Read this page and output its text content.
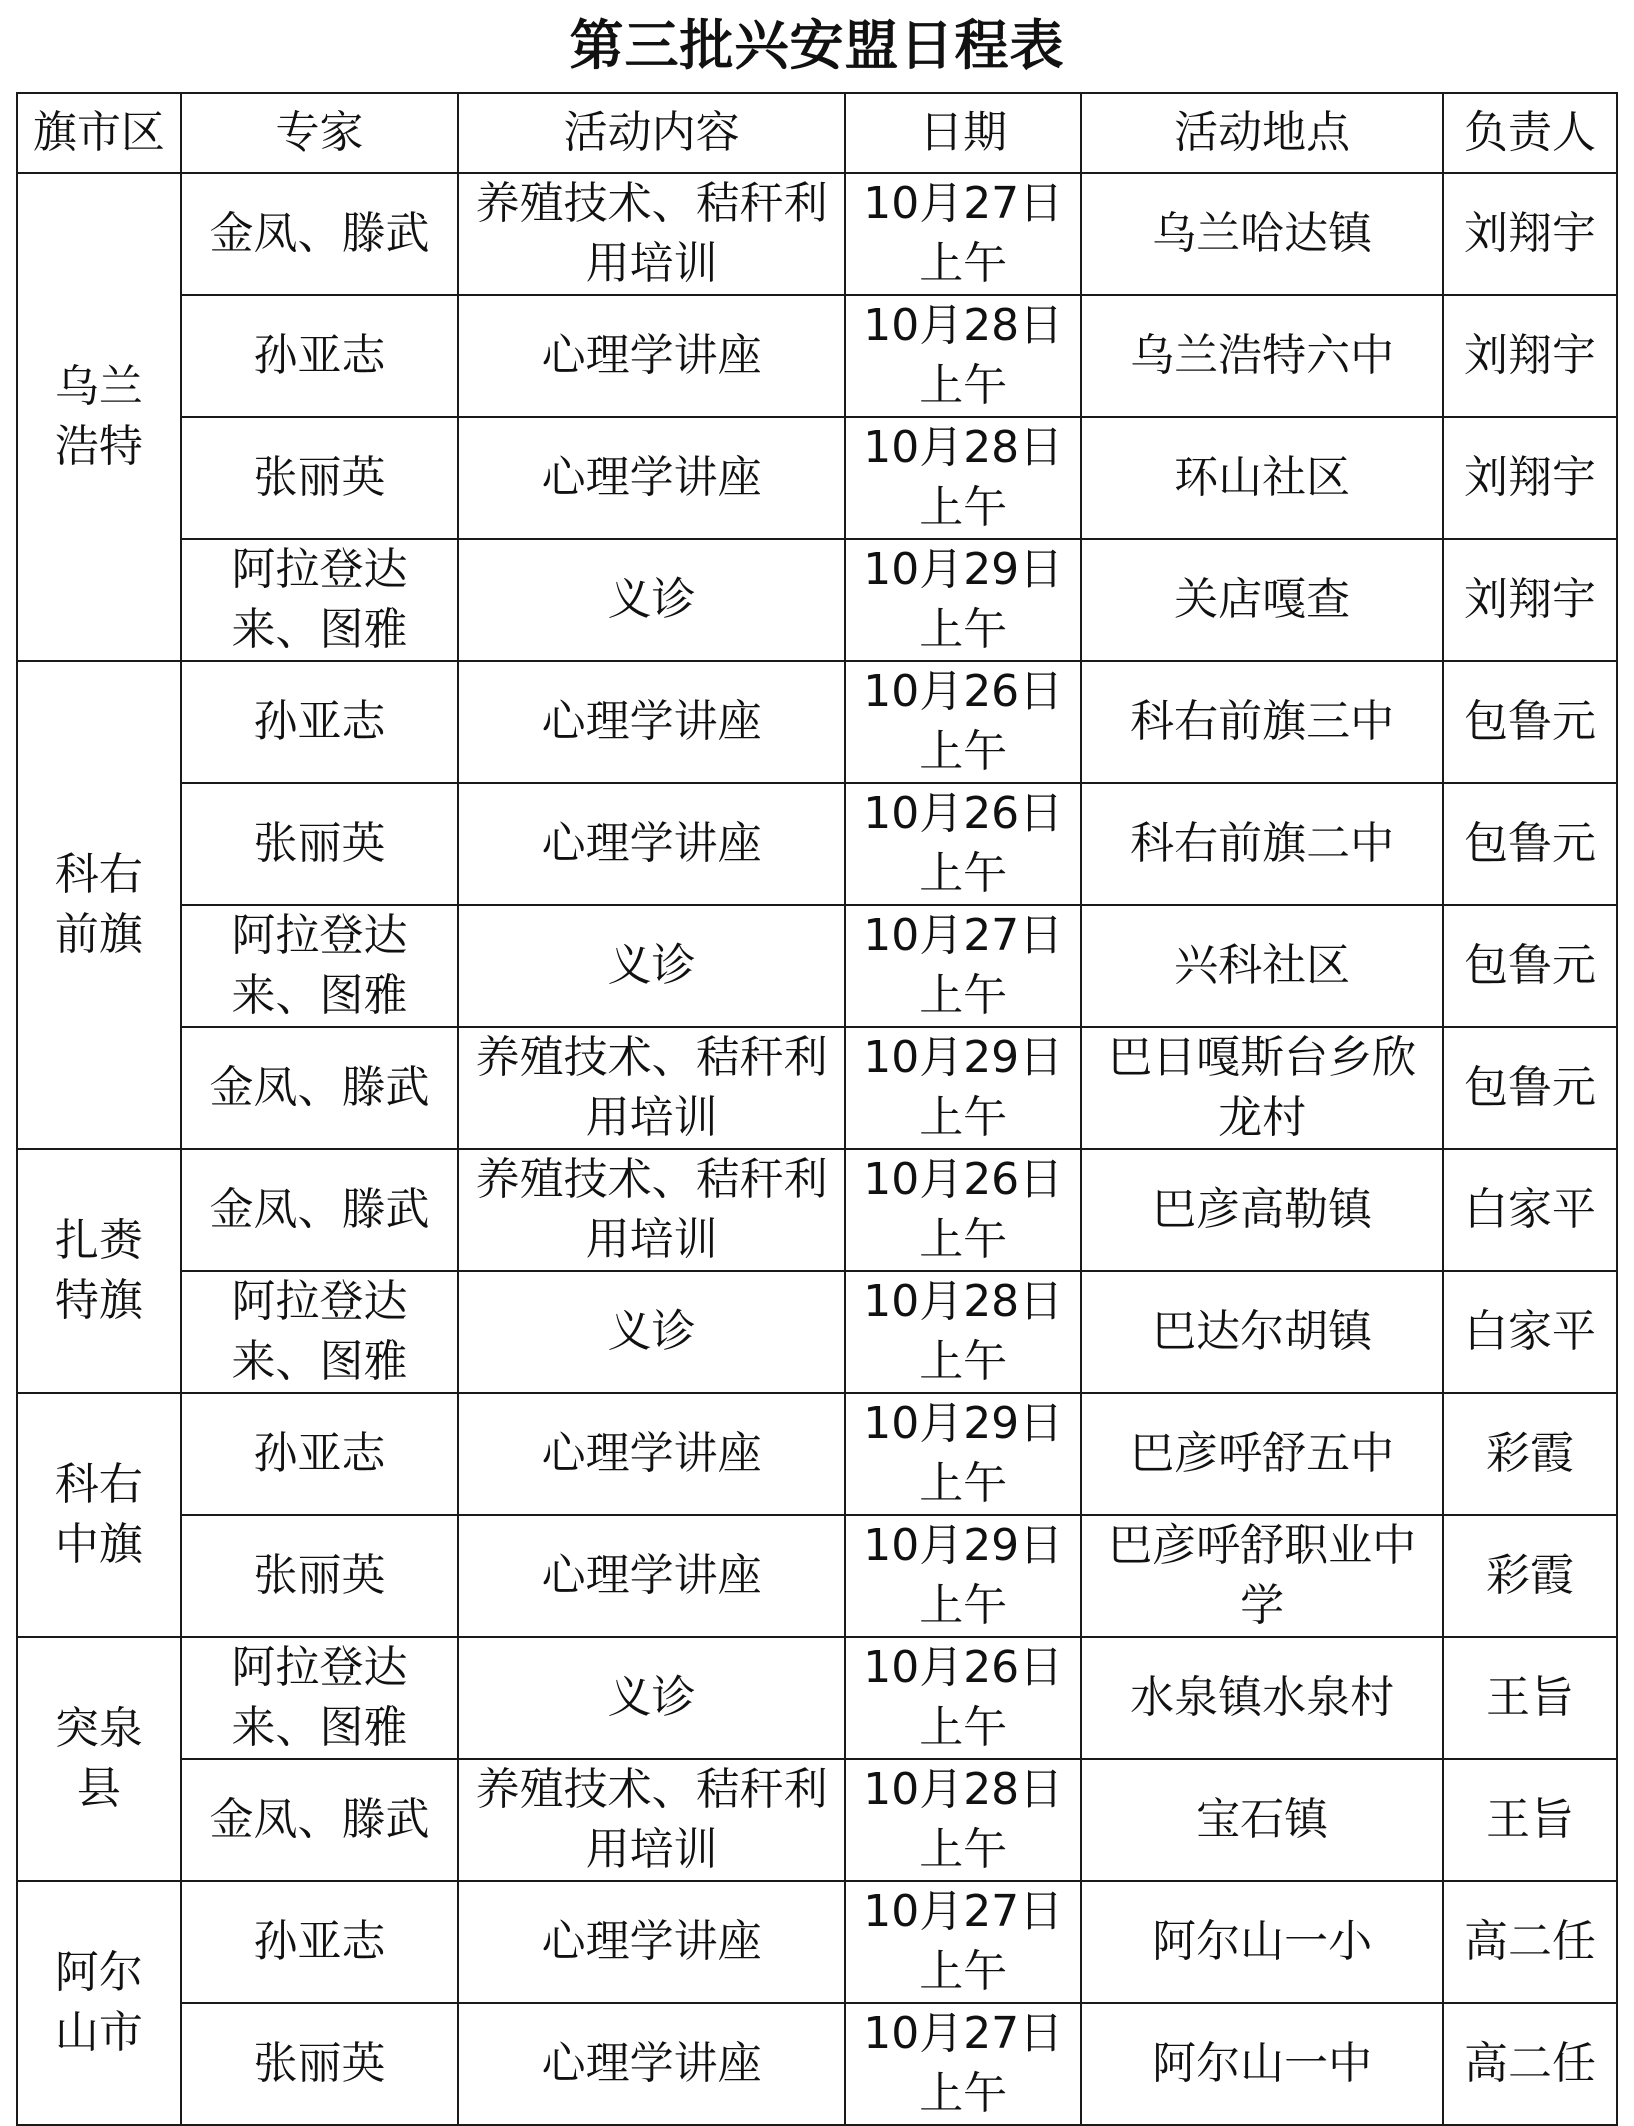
第三批兴安盟日程表
旗市区	专家	活动内容	日期	活动地点	负责人
乌兰浩特	金凤、滕武	养殖技术、秸秆利用培训	10月27日上午	乌兰哈达镇	刘翔宇
	孙亚志	心理学讲座	10月28日上午	乌兰浩特六中	刘翔宇
	张丽英	心理学讲座	10月28日上午	环山社区	刘翔宇
	阿拉登达来、图雅	义诊	10月29日上午	关店嘎查	刘翔宇
科右前旗	孙亚志	心理学讲座	10月26日上午	科右前旗三中	包鲁元
	张丽英	心理学讲座	10月26日上午	科右前旗二中	包鲁元
	阿拉登达来、图雅	义诊	10月27日上午	兴科社区	包鲁元
	金凤、滕武	养殖技术、秸秆利用培训	10月29日上午	巴日嘎斯台乡欣龙村	包鲁元
扎赉特旗	金凤、滕武	养殖技术、秸秆利用培训	10月26日上午	巴彦高勒镇	白家平
	阿拉登达来、图雅	义诊	10月28日上午	巴达尔胡镇	白家平
科右中旗	孙亚志	心理学讲座	10月29日上午	巴彦呼舒五中	彩霞
	张丽英	心理学讲座	10月29日上午	巴彦呼舒职业中学	彩霞
突泉县	阿拉登达来、图雅	义诊	10月26日上午	水泉镇水泉村	王旨
	金凤、滕武	养殖技术、秸秆利用培训	10月28日上午	宝石镇	王旨
阿尔山市	孙亚志	心理学讲座	10月27日上午	阿尔山一小	高二任
	张丽英	心理学讲座	10月27日上午	阿尔山一中	高二任
